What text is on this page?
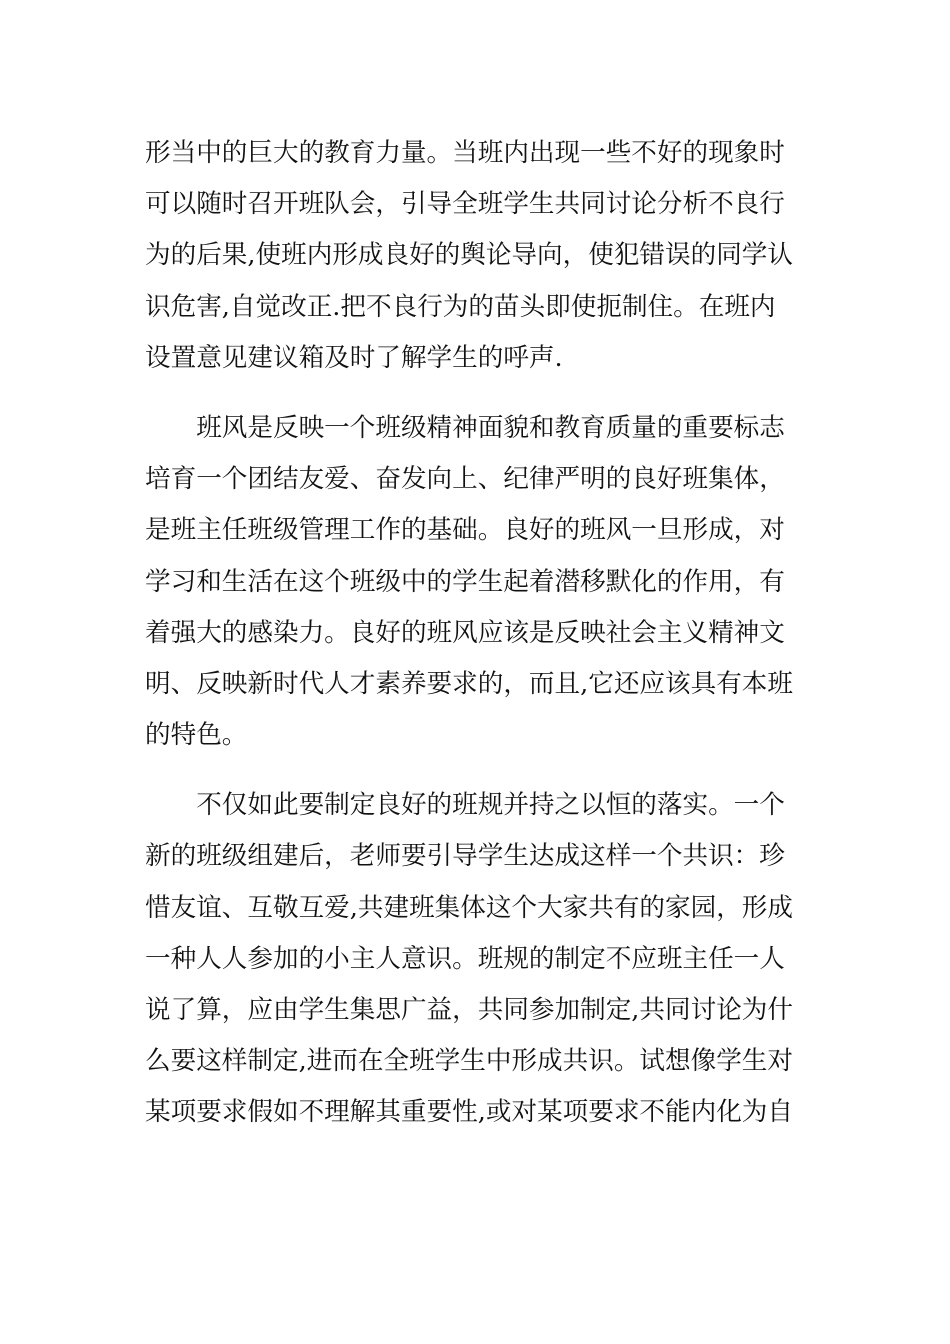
形当中的巨大的教育力量。当班内出现一些不好的现象时
可以随时召开班队会，引导全班学生共同讨论分析不良行
为的后果,使班内形成良好的舆论导向，使犯错误的同学认
识危害,自觉改正.把不良行为的苗头即使扼制住。在班内
设置意见建议箱及时了解学生的呼声.
　　班风是反映一个班级精神面貌和教育质量的重要标志
培育一个团结友爱、奋发向上、纪律严明的良好班集体，
是班主任班级管理工作的基础。良好的班风一旦形成，对
学习和生活在这个班级中的学生起着潜移默化的作用，有
着强大的感染力。良好的班风应该是反映社会主义精神文
明、反映新时代人才素养要求的，而且,它还应该具有本班
的特色。
　　不仅如此要制定良好的班规并持之以恒的落实。一个
新的班级组建后，老师要引导学生达成这样一个共识：珍
惜友谊、互敬互爱,共建班集体这个大家共有的家园，形成
一种人人参加的小主人意识。班规的制定不应班主任一人
说了算，应由学生集思广益，共同参加制定,共同讨论为什
么要这样制定,进而在全班学生中形成共识。试想像学生对
某项要求假如不理解其重要性,或对某项要求不能内化为自
